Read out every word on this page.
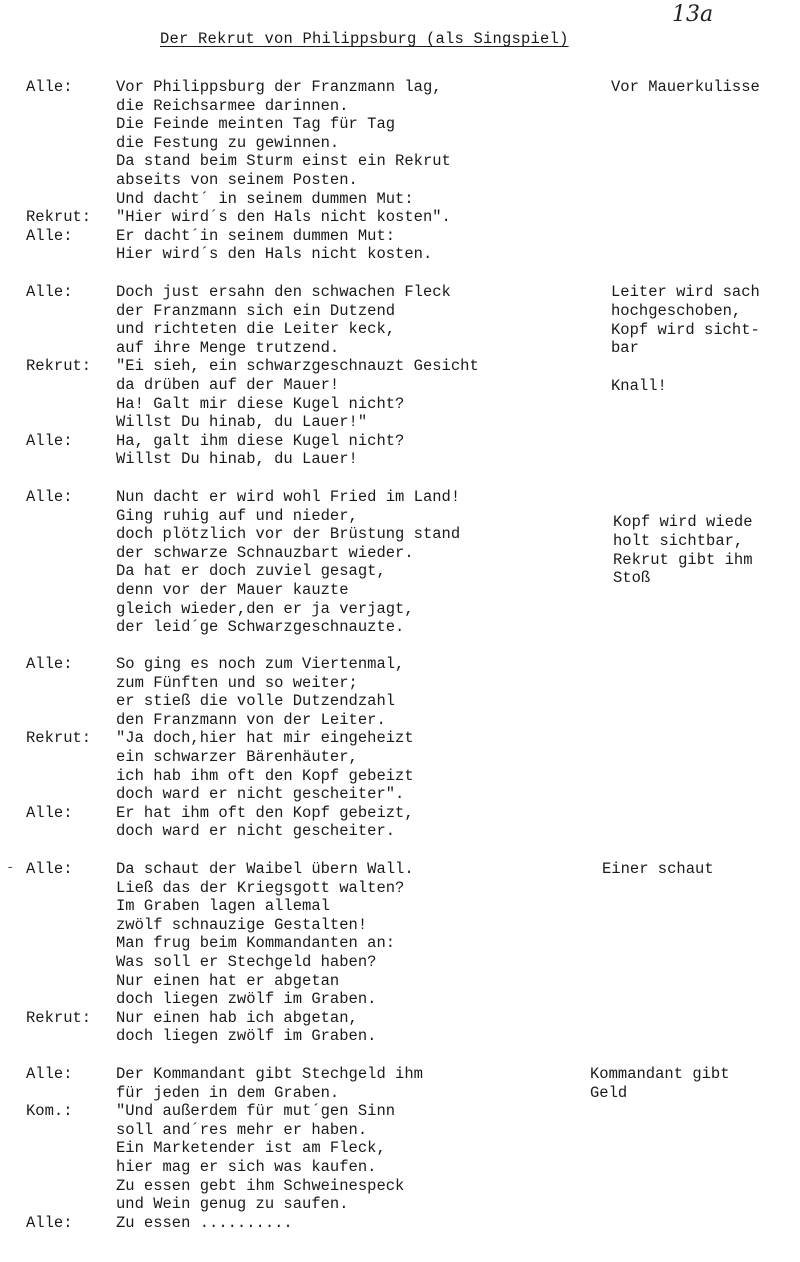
13a
Der Rekrut von Philippsburg (als Singspiel)
-
Alle:	Vor Philippsburg der Franzmann lag,
die Reichsarmee darinnen.
Die Feinde meinten Tag für Tag
die Festung zu gewinnen.
Da stand beim Sturm einst ein Rekrut
abseits von seinem Posten.
Und dacht´ in seinem dummen Mut:
Rekrut: "Hier wird´s den Hals nicht kosten".
Alle:	Er dacht´in seinem dummen Mut:
Hier wird´s den Hals nicht kosten.
Vor Mauerkulisse
Alle:	Doch just ersahn den schwachen Fleck
der Franzmann sich ein Dutzend
und richteten die Leiter keck,
auf ihre Menge trutzend.
Rekrut: "Ei sieh, ein schwarzgeschnauzt Gesicht
da drüben auf der Mauer!
Ha! Galt mir diese Kugel nicht?
Willst Du hinab, du Lauer!"
Alle:	Ha, galt ihm diese Kugel nicht?
Willst Du hinab, du Lauer!
Leiter wird sach
hochgeschoben,
Kopf wird sicht-
bar
Knall!
Alle:	Nun dacht er wird wohl Fried im Land!
Ging ruhig auf und nieder,
doch plötzlich vor der Brüstung stand
der schwarze Schnauzbart wieder.
Da hat er doch zuviel gesagt,
denn vor der Mauer kauzte
gleich wieder,den er ja verjagt,
der leid´ge Schwarzgeschnauzte.
Kopf wird wiede
holt sichtbar,
Rekrut gibt ihm
Stoß
Alle:	So ging es noch zum Viertenmal,
zum Fünften und so weiter;
er stieß die volle Dutzendzahl
den Franzmann von der Leiter.
Rekrut: "Ja doch,hier hat mir eingeheizt
ein schwarzer Bärenhäuter,
ich hab ihm oft den Kopf gebeizt
doch ward er nicht gescheiter".
Alle:	Er hat ihm oft den Kopf gebeizt,
doch ward er nicht gescheiter.
Alle:	Da schaut der Waibel übern Wall.
Ließ das der Kriegsgott walten?
Im Graben lagen allemal
zwölf schnauzige Gestalten!
Man frug beim Kommandanten an:
Was soll er Stechgeld haben?
Nur einen hat er abgetan
doch liegen zwölf im Graben.
Rekrut: Nur einen hab ich abgetan,
doch liegen zwölf im Graben.
Einer schaut
Alle:	Der Kommandant gibt Stechgeld ihm
für jeden in dem Graben.
Kom.:	"Und außerdem für mut´gen Sinn
soll and´res mehr er haben.
Ein Marketender ist am Fleck,
hier mag er sich was kaufen.
Zu essen gebt ihm Schweinespeck
und Wein genug zu saufen.
Alle:	Zu essen ..........
Kommandant gibt
Geld
